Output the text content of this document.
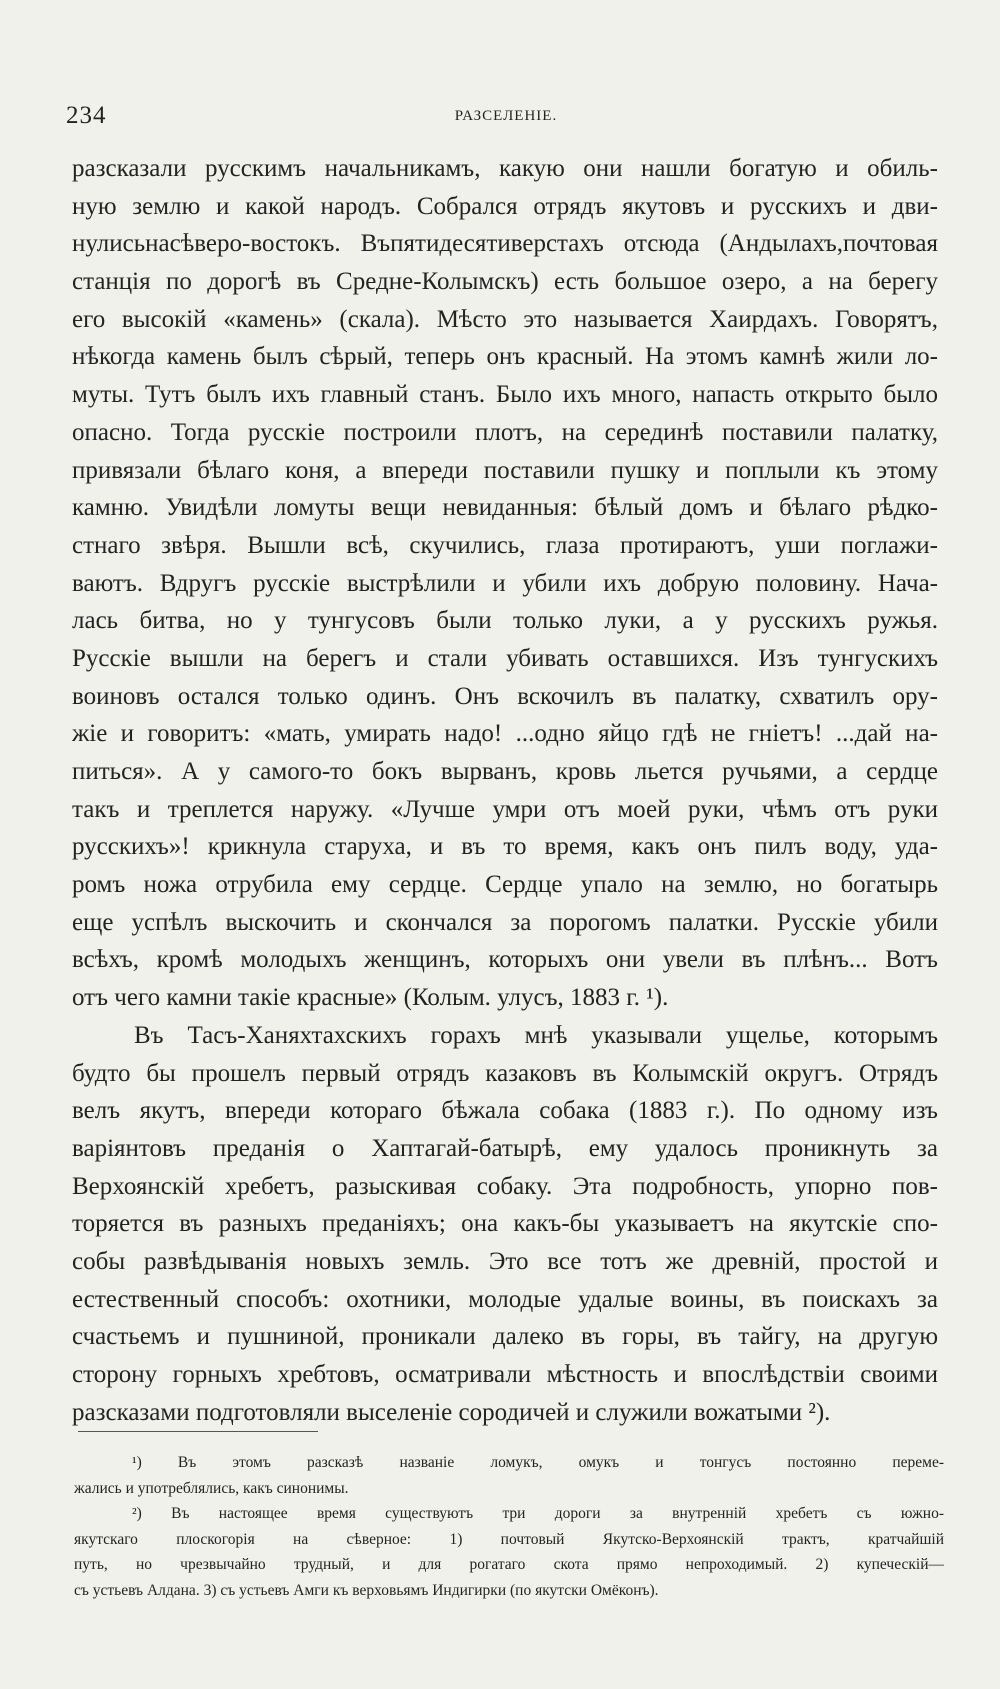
234	РАЗСЕЛЕНІЕ.
разсказали русскимъ начальникамъ, какую они нашли богатую и обиль-
ную землю и какой народъ. Собрался отрядъ якутовъ и русскихъ и дви-
нулисьнасѣверо-востокъ. Въпятидесятиверстахъ отсюда (Андылахъ,почтовая
станція по дорогѣ въ Средне-Колымскъ) есть большое озеро, а на берегу
его высокій «камень» (скала). Мѣсто это называется Хаирдахъ. Говорятъ,
нѣкогда камень былъ сѣрый, теперь онъ красный. На этомъ камнѣ жили ло-
муты. Тутъ былъ ихъ главный станъ. Было ихъ много, напасть открыто было
опасно. Тогда русскіе построили плотъ, на серединѣ поставили палатку,
привязали бѣлаго коня, а впереди поставили пушку и поплыли къ этому
камню. Увидѣли ломуты вещи невиданныя: бѣлый домъ и бѣлаго рѣдко-
стнаго звѣря. Вышли всѣ, скучились, глаза протираютъ, уши поглажи-
ваютъ. Вдругъ русскіе выстрѣлили и убили ихъ добрую половину. Нача-
лась битва, но у тунгусовъ были только луки, а у русскихъ ружья.
Русскіе вышли на берегъ и стали убивать оставшихся. Изъ тунгускихъ
воиновъ остался только одинъ. Онъ вскочилъ въ палатку, схватилъ ору-
жіе и говоритъ: «мать, умирать надо! ...одно яйцо гдѣ не гніетъ! ...дай на-
питься». А у самого-то бокъ вырванъ, кровь льется ручьями, а сердце
такъ и треплется наружу. «Лучше умри отъ моей руки, чѣмъ отъ руки
русскихъ»! крикнула старуха, и въ то время, какъ онъ пилъ воду, уда-
ромъ ножа отрубила ему сердце. Сердце упало на землю, но богатырь
еще успѣлъ выскочить и скончался за порогомъ палатки. Русскіе убили
всѣхъ, кромѣ молодыхъ женщинъ, которыхъ они увели въ плѣнъ... Вотъ
отъ чего камни такіе красные» (Колым. улусъ, 1883 г. ¹).
Въ Тасъ-Ханяхтахскихъ горахъ мнѣ указывали ущелье, которымъ
будто бы прошелъ первый отрядъ казаковъ въ Колымскій округъ. Отрядъ
велъ якутъ, впереди котораго бѣжала собака (1883 г.). По одному изъ
варіянтовъ преданія о Хаптагай-батырѣ, ему удалось проникнуть за
Верхоянскій хребетъ, разыскивая собаку. Эта подробность, упорно пов-
торяется въ разныхъ преданіяхъ; она какъ-бы указываетъ на якутскіе спо-
собы развѣдыванія новыхъ земль. Это все тотъ же древній, простой и
естественный способъ: охотники, молодые удалые воины, въ поискахъ за
счастьемъ и пушниной, проникали далеко въ горы, въ тайгу, на другую
сторону горныхъ хребтовъ, осматривали мѣстность и впослѣдствіи своими
разсказами подготовляли выселеніе сородичей и служили вожатыми ²).
¹) Въ этомъ разсказѣ названіе ломукъ, омукъ и тонгусъ постоянно переме-
жались и употреблялись, какъ синонимы.
²) Въ настоящее время существуютъ три дороги за внутренній хребетъ съ южно-
якутскаго плоскогорія на сѣверное: 1) почтовый Якутско-Верхоянскій трактъ, кратчайшій
путь, но чрезвычайно трудный, и для рогатаго скота прямо непроходимый. 2) купеческій—
съ устьевъ Алдана. 3) съ устьевъ Амги къ верховьямъ Индигирки (по якутски Омёконъ).
